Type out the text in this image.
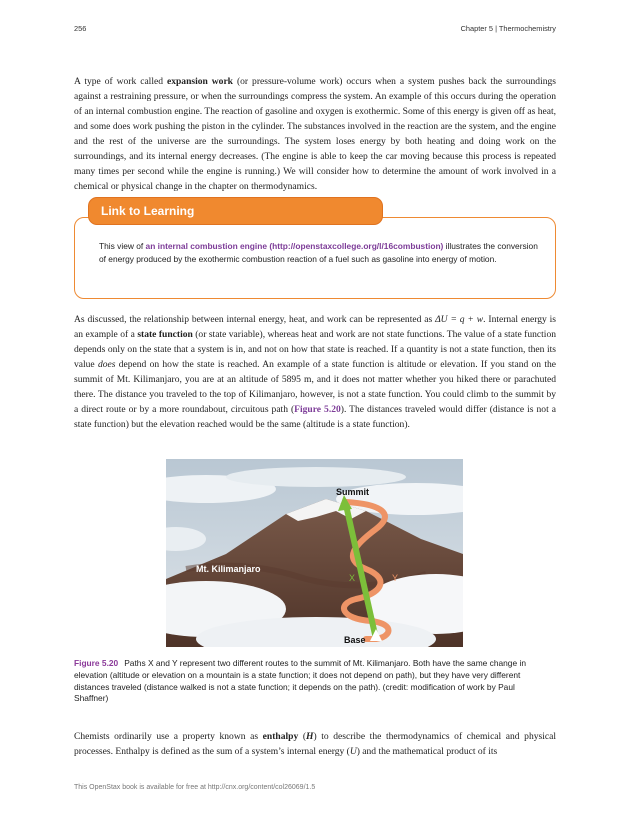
256	Chapter 5 | Thermochemistry

A type of work called expansion work (or pressure-volume work) occurs when a system pushes back the surroundings against a restraining pressure, or when the surroundings compress the system. An example of this occurs during the operation of an internal combustion engine. The reaction of gasoline and oxygen is exothermic. Some of this energy is given off as heat, and some does work pushing the piston in the cylinder. The substances involved in the reaction are the system, and the engine and the rest of the universe are the surroundings. The system loses energy by both heating and doing work on the surroundings, and its internal energy decreases. (The engine is able to keep the car moving because this process is repeated many times per second while the engine is running.) We will consider how to determine the amount of work involved in a chemical or physical change in the chapter on thermodynamics.

This view of an internal combustion engine (http://openstaxcollege.org/l/16combustion) illustrates the conversion of energy produced by the exothermic combustion reaction of a fuel such as gasoline into energy of motion.

Link to Learning

As discussed, the relationship between internal energy, heat, and work can be represented as ΔU = q + w. Internal energy is an example of a state function (or state variable), whereas heat and work are not state functions. The value of a state function depends only on the state that a system is in, and not on how that state is reached. If a quantity is not a state function, then its value does depend on how the state is reached. An example of a state function is altitude or elevation. If you stand on the summit of Mt. Kilimanjaro, you are at an altitude of 5895 m, and it does not matter whether you hiked there or parachuted there. The distance you traveled to the top of Kilimanjaro, however, is not a state function. You could climb to the summit by a direct route or by a more roundabout, circuitous path (Figure 5.20). The distances traveled would differ (distance is not a state function) but the elevation reached would be the same (altitude is a state function).

Summit
Mt. Kilimanjaro
X	Y
Base

Figure 5.20 Paths X and Y represent two different routes to the summit of Mt. Kilimanjaro. Both have the same change in elevation (altitude or elevation on a mountain is a state function; it does not depend on path), but they have very different distances traveled (distance walked is not a state function; it depends on the path). (credit: modification of work by Paul Shaffner)

Chemists ordinarily use a property known as enthalpy (H) to describe the thermodynamics of chemical and physical processes. Enthalpy is defined as the sum of a system’s internal energy (U) and the mathematical product of its

This OpenStax book is available for free at http://cnx.org/content/col26069/1.5
